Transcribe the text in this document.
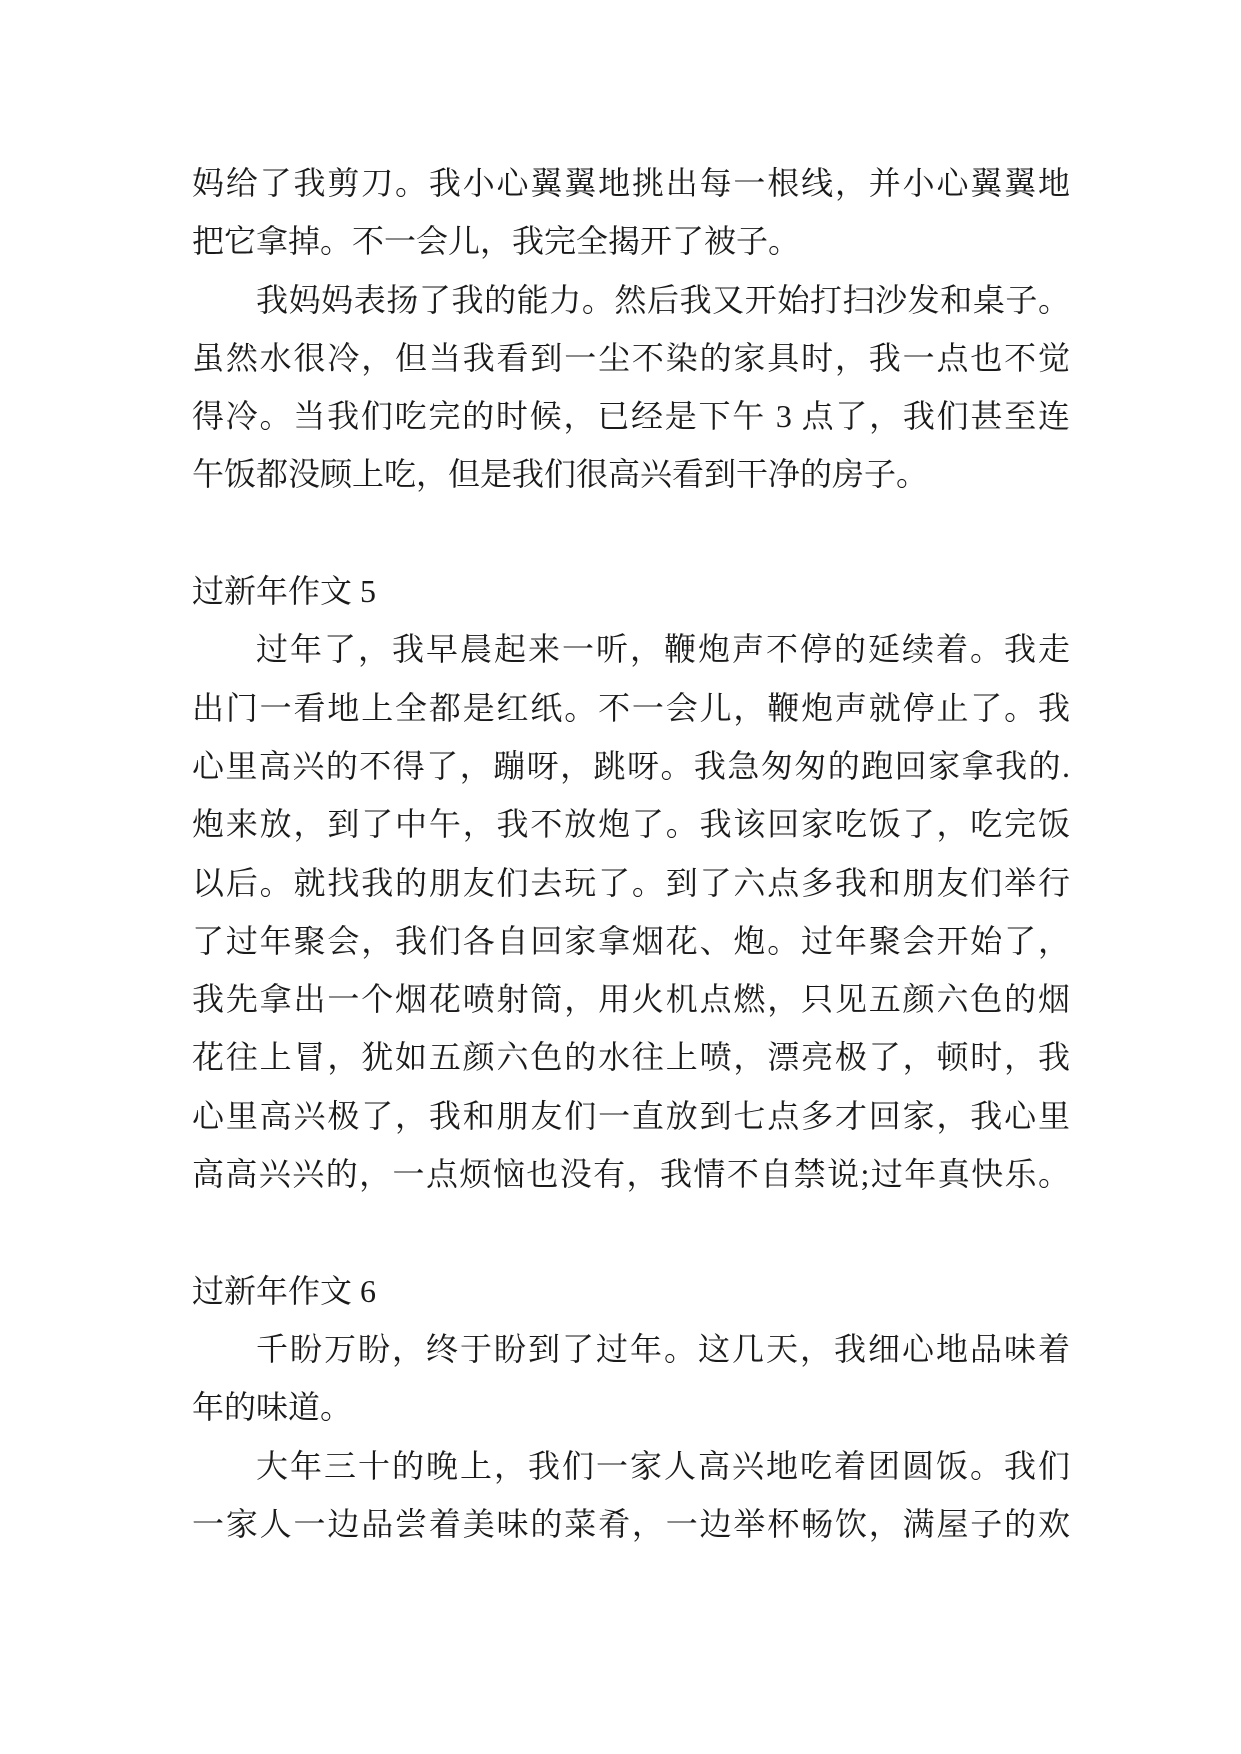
妈给了我剪刀。我小心翼翼地挑出每一根线，并小心翼翼地
把它拿掉。不一会儿，我完全揭开了被子。
我妈妈表扬了我的能力。然后我又开始打扫沙发和桌子。
虽然水很冷，但当我看到一尘不染的家具时，我一点也不觉
得冷。当我们吃完的时候，已经是下午 3 点了，我们甚至连
午饭都没顾上吃，但是我们很高兴看到干净的房子。
过新年作文 5
过年了，我早晨起来一听，鞭炮声不停的延续着。我走
出门一看地上全都是红纸。不一会儿，鞭炮声就停止了。我
心里高兴的不得了，蹦呀，跳呀。我急匆匆的跑回家拿我的.
炮来放，到了中午，我不放炮了。我该回家吃饭了，吃完饭
以后。就找我的朋友们去玩了。到了六点多我和朋友们举行
了过年聚会，我们各自回家拿烟花、炮。过年聚会开始了，
我先拿出一个烟花喷射筒，用火机点燃，只见五颜六色的烟
花往上冒，犹如五颜六色的水往上喷，漂亮极了，顿时，我
心里高兴极了，我和朋友们一直放到七点多才回家，我心里
高高兴兴的，一点烦恼也没有，我情不自禁说;过年真快乐。
过新年作文 6
千盼万盼，终于盼到了过年。这几天，我细心地品味着
年的味道。
大年三十的晚上，我们一家人高兴地吃着团圆饭。我们
一家人一边品尝着美味的菜肴，一边举杯畅饮，满屋子的欢
